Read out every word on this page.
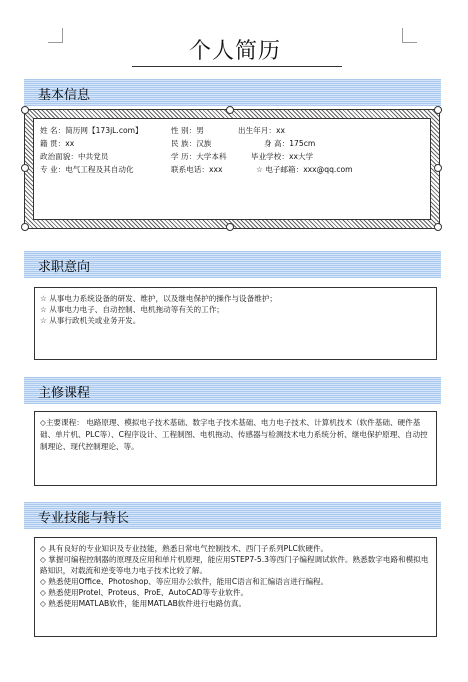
个人简历
基本信息
姓 名：简历网【173jL.com】	性 别：男	出生年月：xx
籍 贯：xx	民 族：汉族	身 高：175cm
政治面貌：中共党员	学 历：大学本科	毕业学校：xx大学
专 业：电气工程及其自动化	联系电话：xxx	☆ 电子邮箱：xxx@qq.com
求职意向
☆ 从事电力系统设备的研发、维护，以及继电保护的操作与设备维护；
☆ 从事电力电子、自动控制、电机拖动等有关的工作；
☆ 从事行政机关或业务开发。
主修课程
◇主要课程： 电路原理、模拟电子技术基础、数字电子技术基础、电力电子技术、计算机技术（软件基础、硬件基础、单片机、PLC等）、C程序设计、工程制图、电机拖动、传感器与检测技术电力系统分析、继电保护原理、自动控制理论、现代控制理论、等。
专业技能与特长
◇ 具有良好的专业知识及专业技能，熟悉日常电气控制技术、西门子系列PLC软硬件。
◇ 掌握可编程控制器的原理及应用和单片机原理，能应用STEP7-5.3等西门子编程调试软件。熟悉数字电路和模拟电路知识，对载流和逆变等电力电子技术比较了解。
◇ 熟悉使用Office、Photoshop、等应用办公软件，能用C语言和汇编语言进行编程。
◇ 熟悉使用Protel、Proteus、ProE、AutoCAD等专业软件。
◇ 熟悉使用MATLAB软件，能用MATLAB软件进行电路仿真。
